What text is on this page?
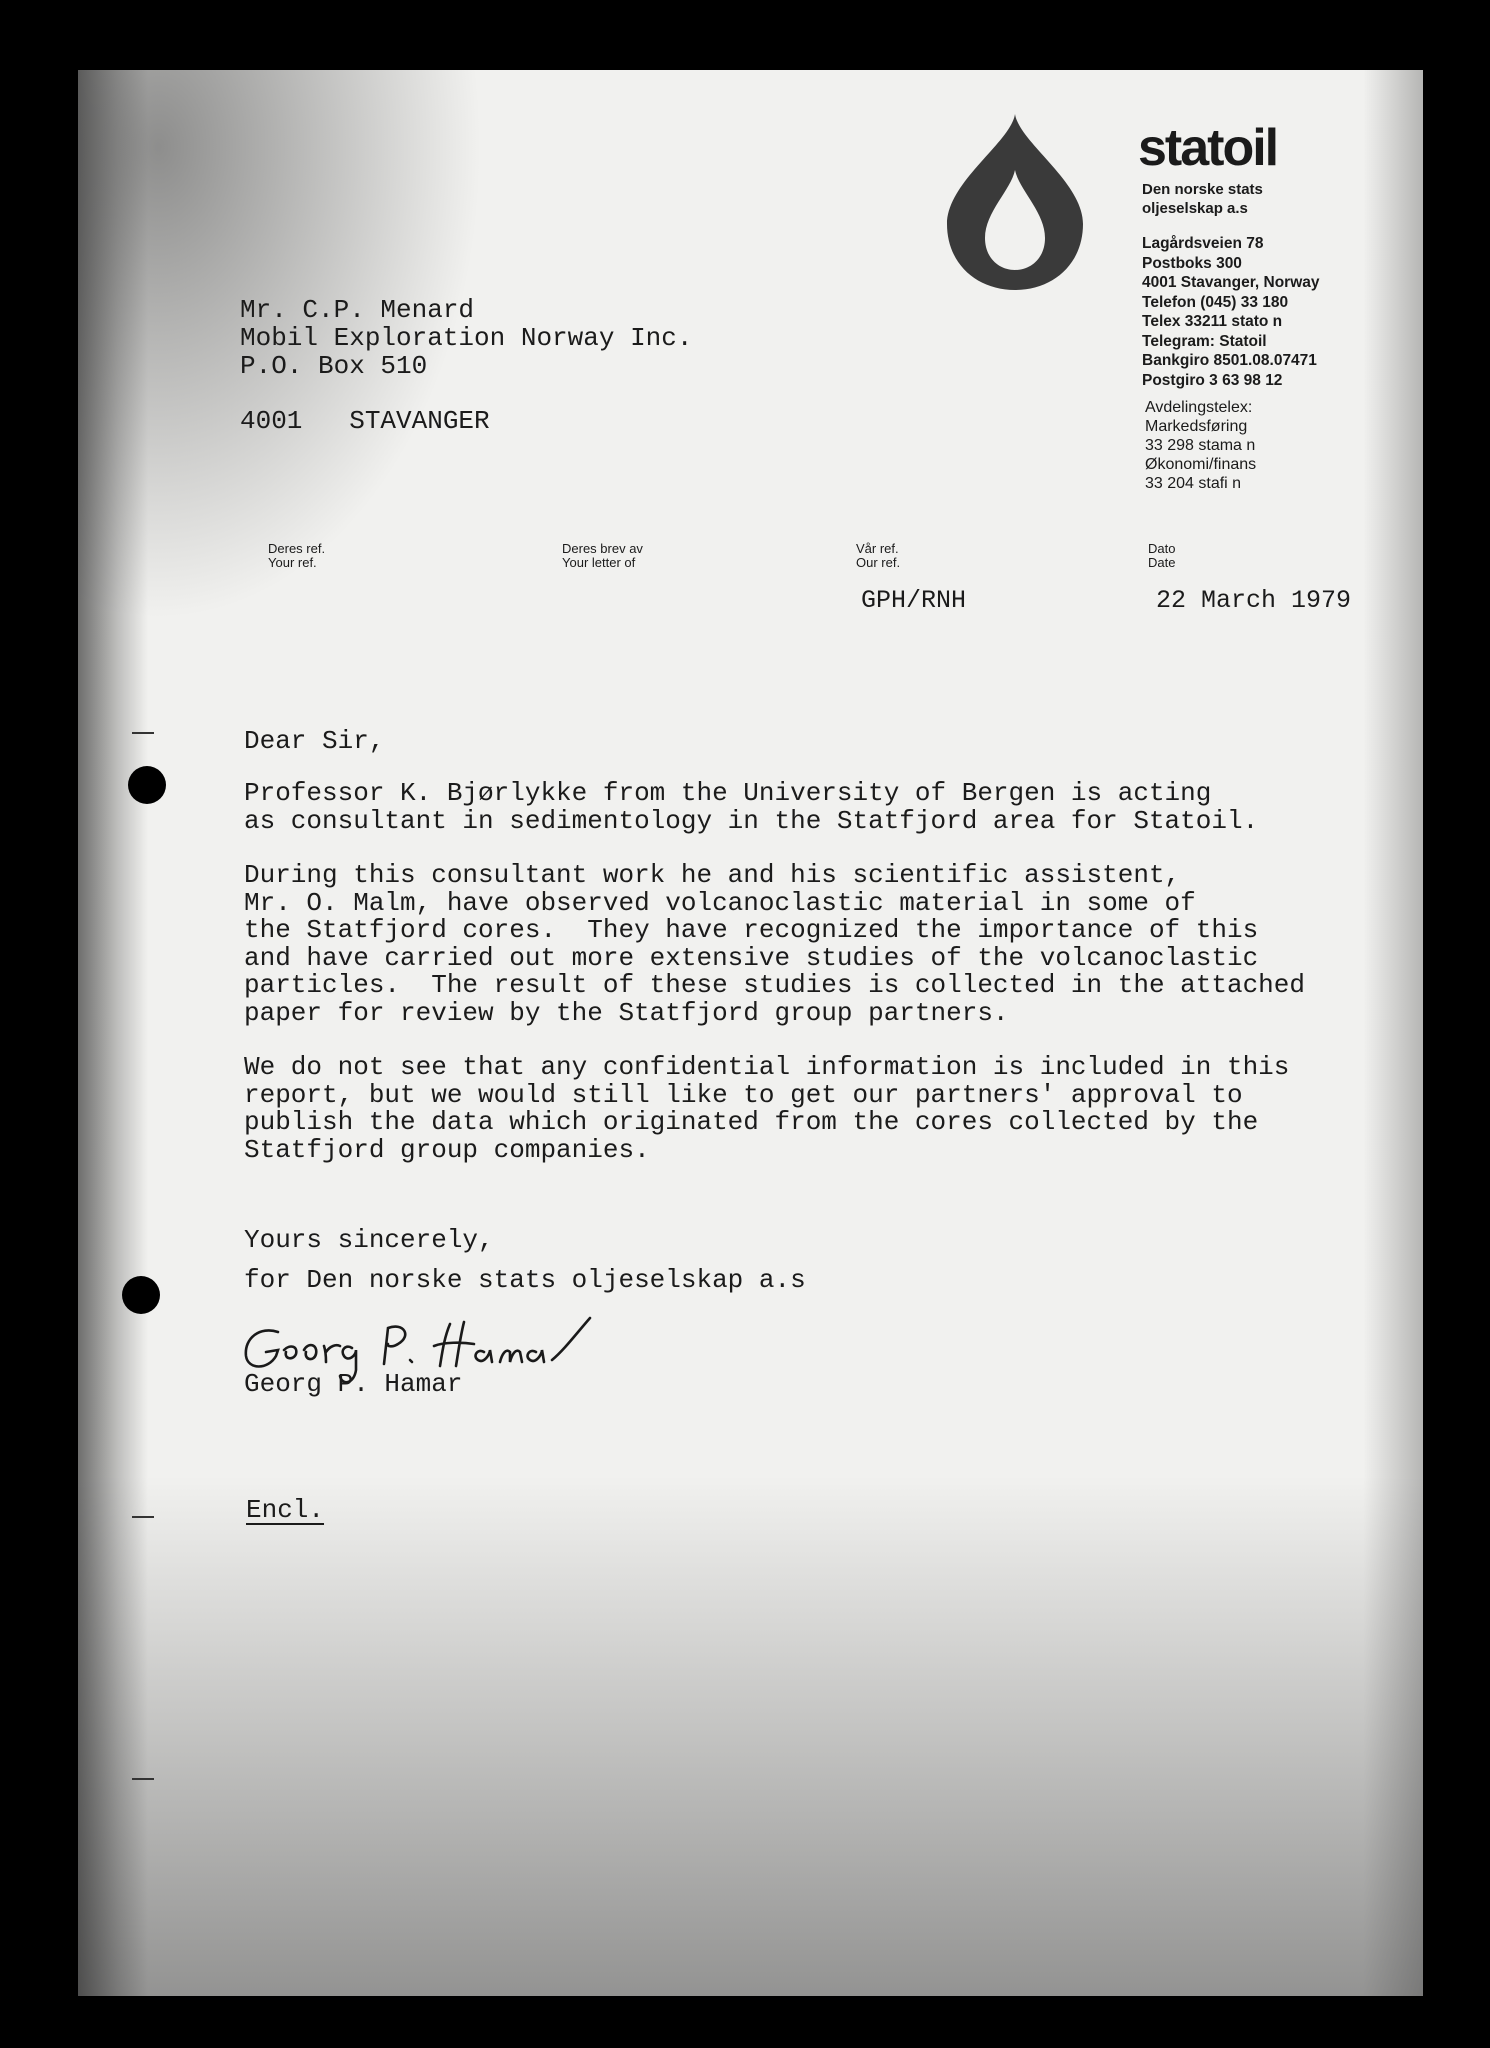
statoil
Den norske stats
oljeselskap a.s
Lagårdsveien 78
Postboks 300
4001 Stavanger, Norway
Telefon (045) 33 180
Telex 33211 stato n
Telegram: Statoil
Bankgiro 8501.08.07471
Postgiro 3 63 98 12
Avdelingstelex:
Markedsføring
33 298 stama n
Økonomi/finans
33 204 stafi n
Mr. C.P. Menard
Mobil Exploration Norway Inc.
P.O. Box 510
4001   STAVANGER
Deres ref.
Your ref.
Deres brev av
Your letter of
Vår ref.
Our ref.
Dato
Date
GPH/RNH	22 March 1979

Dear Sir,

Professor K. Bjørlykke from the University of Bergen is acting

as consultant in sedimentology in the Statfjord area for Statoil.

During this consultant work he and his scientific assistent,

Mr. O. Malm, have observed volcanoclastic material in some of

the Statfjord cores.  They have recognized the importance of this

and have carried out more extensive studies of the volcanoclastic

particles.  The result of these studies is collected in the attached

paper for review by the Statfjord group partners.

We do not see that any confidential information is included in this

report, but we would still like to get our partners' approval to

publish the data which originated from the cores collected by the

Statfjord group companies.

Yours sincerely,

for Den norske stats oljeselskap a.s

Georg P. Hamar
Encl.
